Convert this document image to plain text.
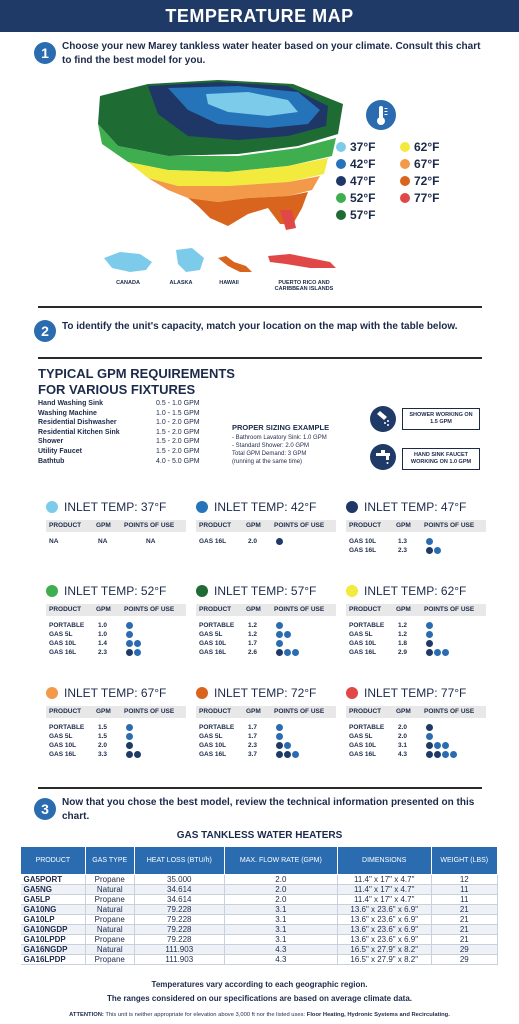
TEMPERATURE MAP
1 Choose your new Marey tankless water heater based on your climate. Consult this chart to find the best model for you.
CANADA	ALASKA	HAWAII	PUERTO RICO AND CARIBBEAN ISLANDS
37°F	62°F
42°F	67°F
47°F	72°F
52°F	77°F
57°F
2 To identify the unit's capacity, match your location on the map with the table below.
TYPICAL GPM REQUIREMENTS
FOR VARIOUS FIXTURES
Hand Washing Sink	0.5 - 1.0 GPM
Washing Machine	1.0 - 1.5 GPM
Residential Dishwasher	1.0 - 2.0 GPM
Residential Kitchen Sink	1.5 - 2.0 GPM
Shower	1.5 - 2.0 GPM
Utility Faucet	1.5 - 2.0 GPM
Bathtub	4.0 - 5.0 GPM
PROPER SIZING EXAMPLE
- Bathroom Lavatory Sink: 1.0 GPM
- Standard Shower: 2.0 GPM
Total GPM Demand: 3 GPM
(running at the same time)
SHOWER WORKING ON 1.5 GPM
HAND SINK FAUCET WORKING ON 1.0 GPM
INLET TEMP: 37°F
PRODUCT GPM POINTS OF USE
NA	NA	NA
INLET TEMP: 42°F
PRODUCT GPM POINTS OF USE
GAS 16L	2.0
INLET TEMP: 47°F
PRODUCT GPM POINTS OF USE
GAS 10L	1.3
GAS 16L	2.3
INLET TEMP: 52°F
PRODUCT GPM POINTS OF USE
PORTABLE 1.0
GAS 5L	1.0
GAS 10L	1.4
GAS 16L	2.3
INLET TEMP: 57°F
PRODUCT GPM POINTS OF USE
PORTABLE 1.2
GAS 5L	1.2
GAS 10L	1.7
GAS 16L	2.6
INLET TEMP: 62°F
PRODUCT GPM POINTS OF USE
PORTABLE 1.2
GAS 5L	1.2
GAS 10L	1.8
GAS 16L	2.9
INLET TEMP: 67°F
PRODUCT GPM POINTS OF USE
PORTABLE 1.5
GAS 5L	1.5
GAS 10L	2.0
GAS 16L	3.3
INLET TEMP: 72°F
PRODUCT GPM POINTS OF USE
PORTABLE 1.7
GAS 5L	1.7
GAS 10L	2.3
GAS 16L	3.7
INLET TEMP: 77°F
PRODUCT GPM POINTS OF USE
PORTABLE 2.0
GAS 5L	2.0
GAS 10L	3.1
GAS 16L	4.3
3 Now that you chose the best model, review the technical information presented on this chart.
GAS TANKLESS WATER HEATERS
PRODUCT	GAS TYPE	HEAT LOSS (BTU/h)	MAX. FLOW RATE (GPM)	DIMENSIONS	WEIGHT (LBS)
GA5PORT	Propane	35.000	2.0	11.4" x 17" x 4.7"	12
GA5NG	Natural	34.614	2.0	11.4" x 17" x 4.7"	11
GA5LP	Propane	34.614	2.0	11.4" x 17" x 4.7"	11
GA10NG	Natural	79.228	3.1	13.6" x 23.6" x 6.9"	21
GA10LP	Propane	79.228	3.1	13.6" x 23.6" x 6.9"	21
GA10NGDP	Natural	79.228	3.1	13.6" x 23.6" x 6.9"	21
GA10LPDP	Propane	79.228	3.1	13.6" x 23.6" x 6.9"	21
GA16NGDP	Natural	111.903	4.3	16.5" x 27.9" x 8.2"	29
GA16LPDP	Propane	111.903	4.3	16.5" x 27.9" x 8.2"	29
Temperatures vary according to each geographic region.
The ranges considered on our specifications are based on average climate data.
ATTENTION: This unit is neither appropriate for elevation above 3,000 ft nor the listed uses: Floor Heating, Hydronic Systems and Recirculating.
